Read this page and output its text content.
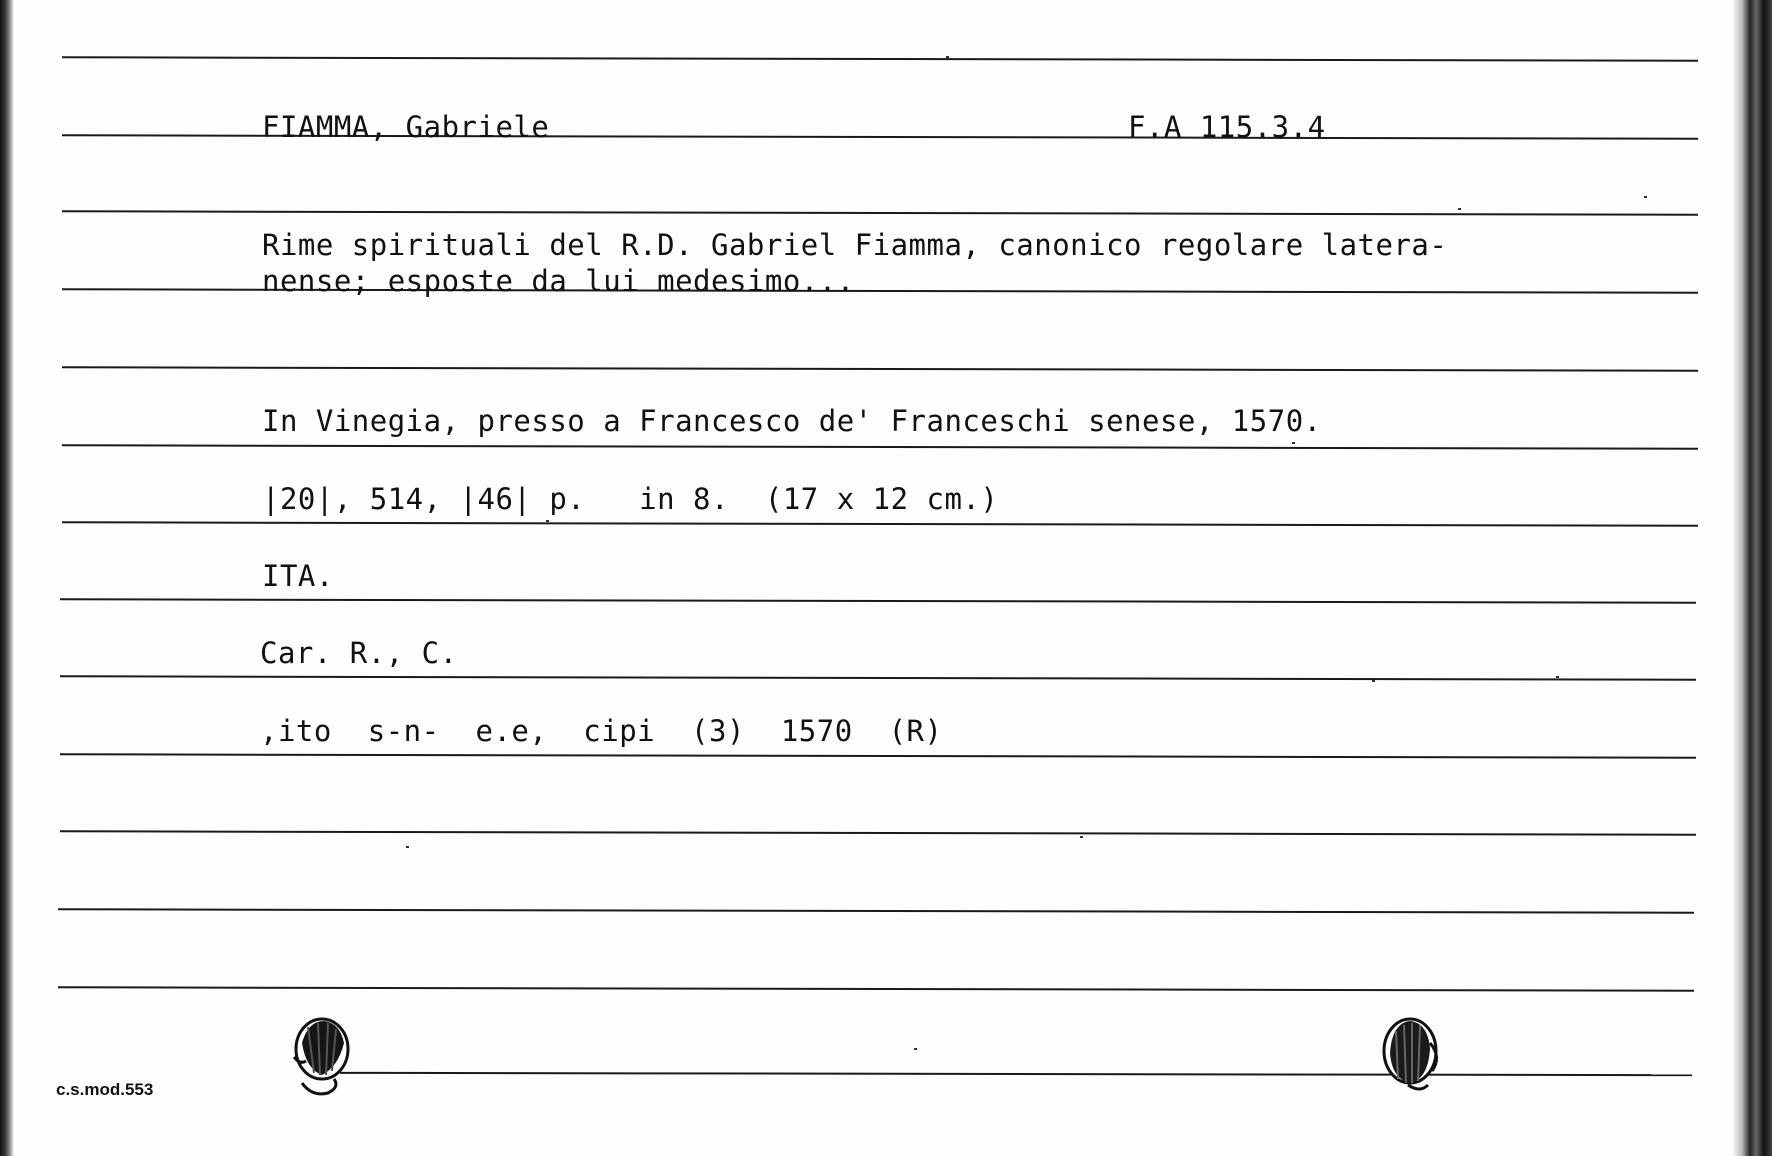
FIAMMA, Gabriele	F.A 115.3.4
Rime spirituali del R.D. Gabriel Fiamma, canonico regolare latera-
nense; esposte da lui medesimo...
In Vinegia, presso a Francesco de' Franceschi senese, 1570.
|20|, 514, |46| p.   in 8.  (17 x 12 cm.)
ITA.
Car. R., C.
,ito  s-n-  e.e,  cipi  (3)  1570  (R)
c.s.mod.553
